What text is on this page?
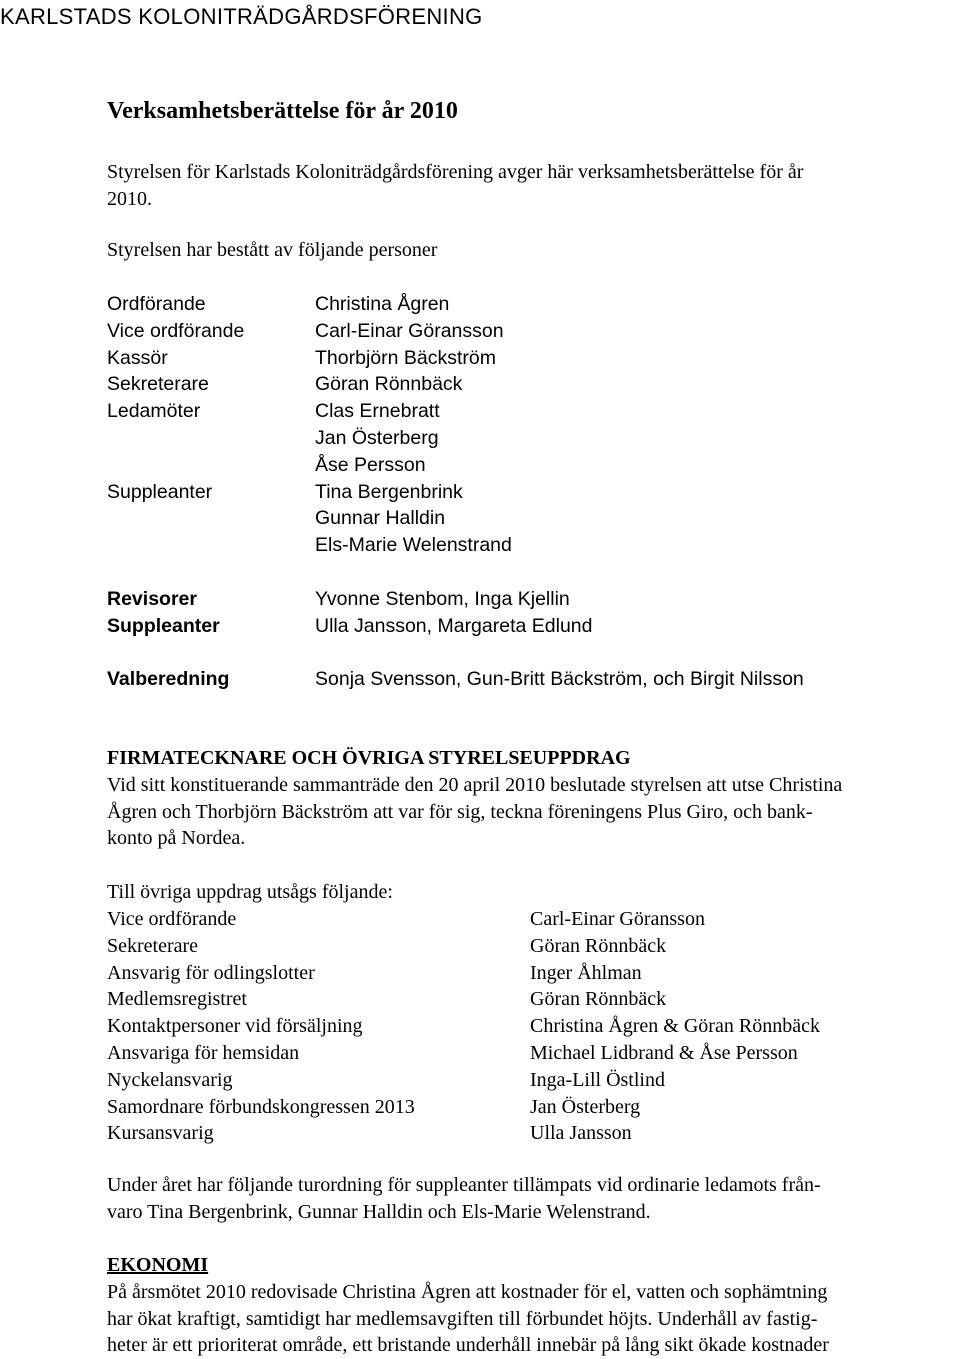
KARLSTADS KOLONITRÄDGÅRDSFÖRENING
Verksamhetsberättelse för år 2010
Styrelsen för Karlstads Koloniträdgårdsförening avger här verksamhetsberättelse för år
2010.
Styrelsen har bestått av följande personer
Ordförande
Vice ordförande
Kassör
Sekreterare
Ledamöter
Suppleanter
Revisorer
Suppleanter
Valberedning
Christina Ågren
Carl-Einar Göransson
Thorbjörn Bäckström
Göran Rönnbäck
Clas Ernebratt
Jan Österberg
Åse Persson
Tina Bergenbrink
Gunnar Halldin
Els-Marie Welenstrand
Yvonne Stenbom, Inga Kjellin
Ulla Jansson, Margareta Edlund
Sonja Svensson, Gun-Britt Bäckström, och Birgit Nilsson
FIRMATECKNARE OCH ÖVRIGA STYRELSEUPPDRAG
Vid sitt konstituerande sammanträde den 20 april 2010 beslutade styrelsen att utse Christina
Ågren och Thorbjörn Bäckström att var för sig, teckna föreningens Plus Giro, och bank-
konto på Nordea.
Till övriga uppdrag utsågs följande:
Vice ordförande
Sekreterare
Ansvarig för odlingslotter
Medlemsregistret
Kontaktpersoner vid försäljning
Ansvariga för hemsidan
Nyckelansvarig
Samordnare förbundskongressen 2013
Kursansvarig
Carl-Einar Göransson
Göran Rönnbäck
Inger Åhlman
Göran Rönnbäck
Christina Ågren & Göran Rönnbäck
Michael Lidbrand & Åse Persson
Inga-Lill Östlind
Jan Österberg
Ulla Jansson
Under året har följande turordning för suppleanter tillämpats vid ordinarie ledamots från-
varo Tina Bergenbrink, Gunnar Halldin och Els-Marie Welenstrand.
EKONOMI
På årsmötet 2010 redovisade Christina Ågren att kostnader för el, vatten och sophämtning
har ökat kraftigt, samtidigt har medlemsavgiften till förbundet höjts. Underhåll av fastig-
heter är ett prioriterat område, ett bristande underhåll innebär på lång sikt ökade kostnader
